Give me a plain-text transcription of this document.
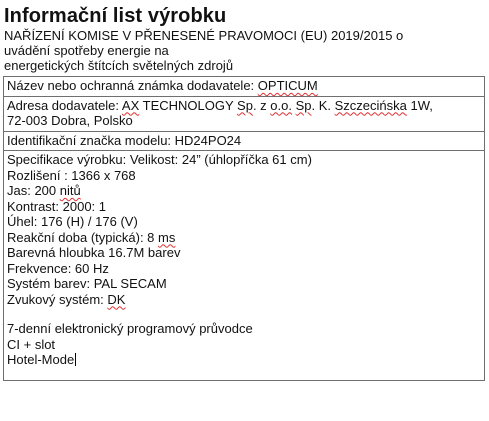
Informační list výrobku
NAŘÍZENÍ KOMISE V PŘENESENÉ PRAVOMOCI (EU) 2019/2015 o
uvádění spotřeby energie na
energetických štítcích světelných zdrojů
Název nebo ochranná známka dodavatele: OPTICUM

Adresa dodavatele: AX TECHNOLOGY Sp. z o.o. Sp. K. Szczecińska 1W,
72-003 Dobra, Polsko

Identifikační značka modelu: HD24PO24

Specifikace výrobku: Velikost: 24” (úhlopříčka 61 cm)
Rozlišení : 1366 x 768
Jas: 200 nitů
Kontrast: 2000: 1
Úhel: 176 (H) / 176 (V)
Reakční doba (typická): 8 ms
Barevná hloubka 16.7M barev
Frekvence: 60 Hz
Systém barev: PAL SECAM
Zvukový systém: DK
7-denní elektronický programový průvodce
CI + slot
Hotel-Mode
